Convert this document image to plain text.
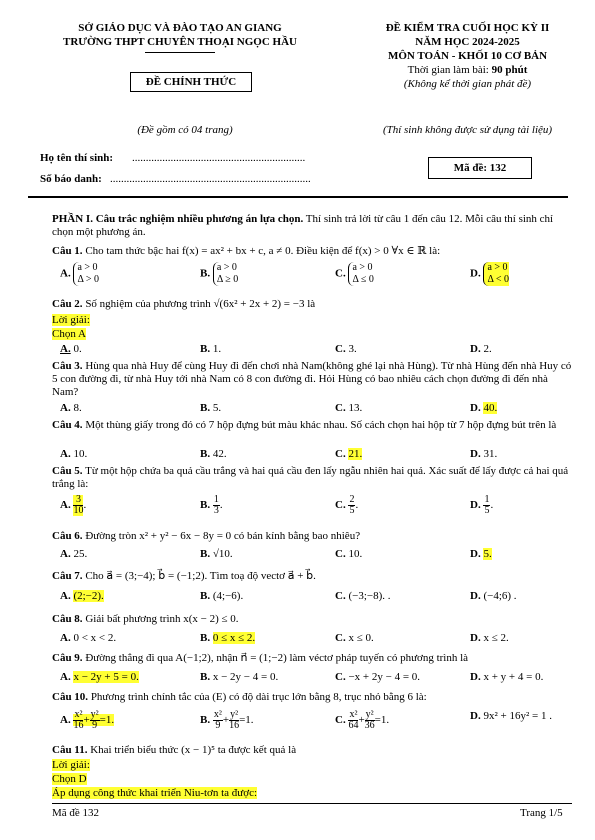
SỞ GIÁO DỤC VÀ ĐÀO TẠO AN GIANG
TRƯỜNG THPT CHUYÊN THOẠI NGỌC HẦU
ĐỀ CHÍNH THỨC
(Đề gồm có 04 trang)
ĐỀ KIỂM TRA CUỐI HỌC KỲ II
NĂM HỌC 2024-2025
MÔN TOÁN - KHỐI 10 CƠ BẢN
Thời gian làm bài: 90 phút
(Không kể thời gian phát đề)
(Thí sinh không được sử dụng tài liệu)
Họ tên thí sinh: ...............................................................
Số báo danh: .........................................................................
Mã đề: 132
PHẦN I. Câu trắc nghiệm nhiều phương án lựa chọn. Thí sinh trả lời từ câu 1 đến câu 12. Mỗi câu thí sinh chỉ chọn một phương án.
Câu 1. Cho tam thức bậc hai f(x) = ax² + bx + c, a ≠ 0. Điều kiện để f(x) > 0 ∀x ∈ ℝ là:
A.
a > 0
Δ > 0	B.
a > 0
Δ ≥ 0	C.
a > 0
Δ ≤ 0	D.
a > 0
Δ < 0
Câu 2. Số nghiệm của phương trình √(6x² + 2x + 2) = −3 là
Lời giải:
Chọn A
A. 0.	B. 1.	C. 3.	D. 2.
Câu 3. Hùng qua nhà Huy để cùng Huy đi đến chơi nhà Nam(không ghé lại nhà Hùng). Từ nhà Hùng đến nhà Huy có 5 con đường đi, từ nhà Huy tới nhà Nam có 8 con đường đi. Hỏi Hùng có bao nhiêu cách chọn đường đi đến nhà Nam?
A. 8.	B. 5.	C. 13.	D. 40.
Câu 4. Một thùng giấy trong đó có 7 hộp đựng bút màu khác nhau. Số cách chọn hai hộp từ 7 hộp đựng bút trên là
A. 10.	B. 42.	C. 21.	D. 31.
Câu 5. Từ một hộp chứa ba quả cầu trắng và hai quả cầu đen lấy ngẫu nhiên hai quả. Xác suất để lấy được cả hai quả trắng là:
A. $\frac{3}{10}$ .	B. $\frac{1}{3}$ .	C. $\frac{2}{5}$ .	D. $\frac{1}{5}$ .
Câu 6. Đường tròn x² + y² − 6x − 8y = 0 có bán kính bằng bao nhiêu?
A. 25.	B. √10.	C. 10.	D. 5.
Câu 7. Cho a⃗ = (3;−4); b⃗ = (−1;2). Tìm toạ độ vectơ a⃗ + b⃗.
A. (2;−2).	B. (4;−6).	C. (−3;−8). .	D. (−4;6) .
Câu 8. Giải bất phương trình x(x − 2) ≤ 0.
A. 0 < x < 2.	B. 0 ≤ x ≤ 2.	C. x ≤ 0.	D. x ≤ 2.
Câu 9. Đường thẳng đi qua A(−1;2), nhận n⃗ = (1;−2) làm véctơ pháp tuyến có phương trình là
A. x − 2y + 5 = 0.	B. x − 2y − 4 = 0.	C. −x + 2y − 4 = 0.	D. x + y + 4 = 0.
Câu 10. Phương trình chính tắc của (E) có độ dài trục lớn bằng 8, trục nhỏ bằng 6 là:
A. $\frac{\text{x²}}{16} + \frac{\text{y²}}{9} =1$.	B. $\frac{\text{x²}}{9} + \frac{\text{y²}}{16} =1$.	C. $\frac{\text{x²}}{64} + \frac{\text{y²}}{36} =1$.	D. 9x² + 16y² = 1 .
Câu 11. Khai triển biểu thức (x − 1)⁵ ta được kết quả là
Lời giải:
Chọn D
Áp dụng công thức khai triển Niu-tơn ta được:
Mã đề 132	Trang 1/5
